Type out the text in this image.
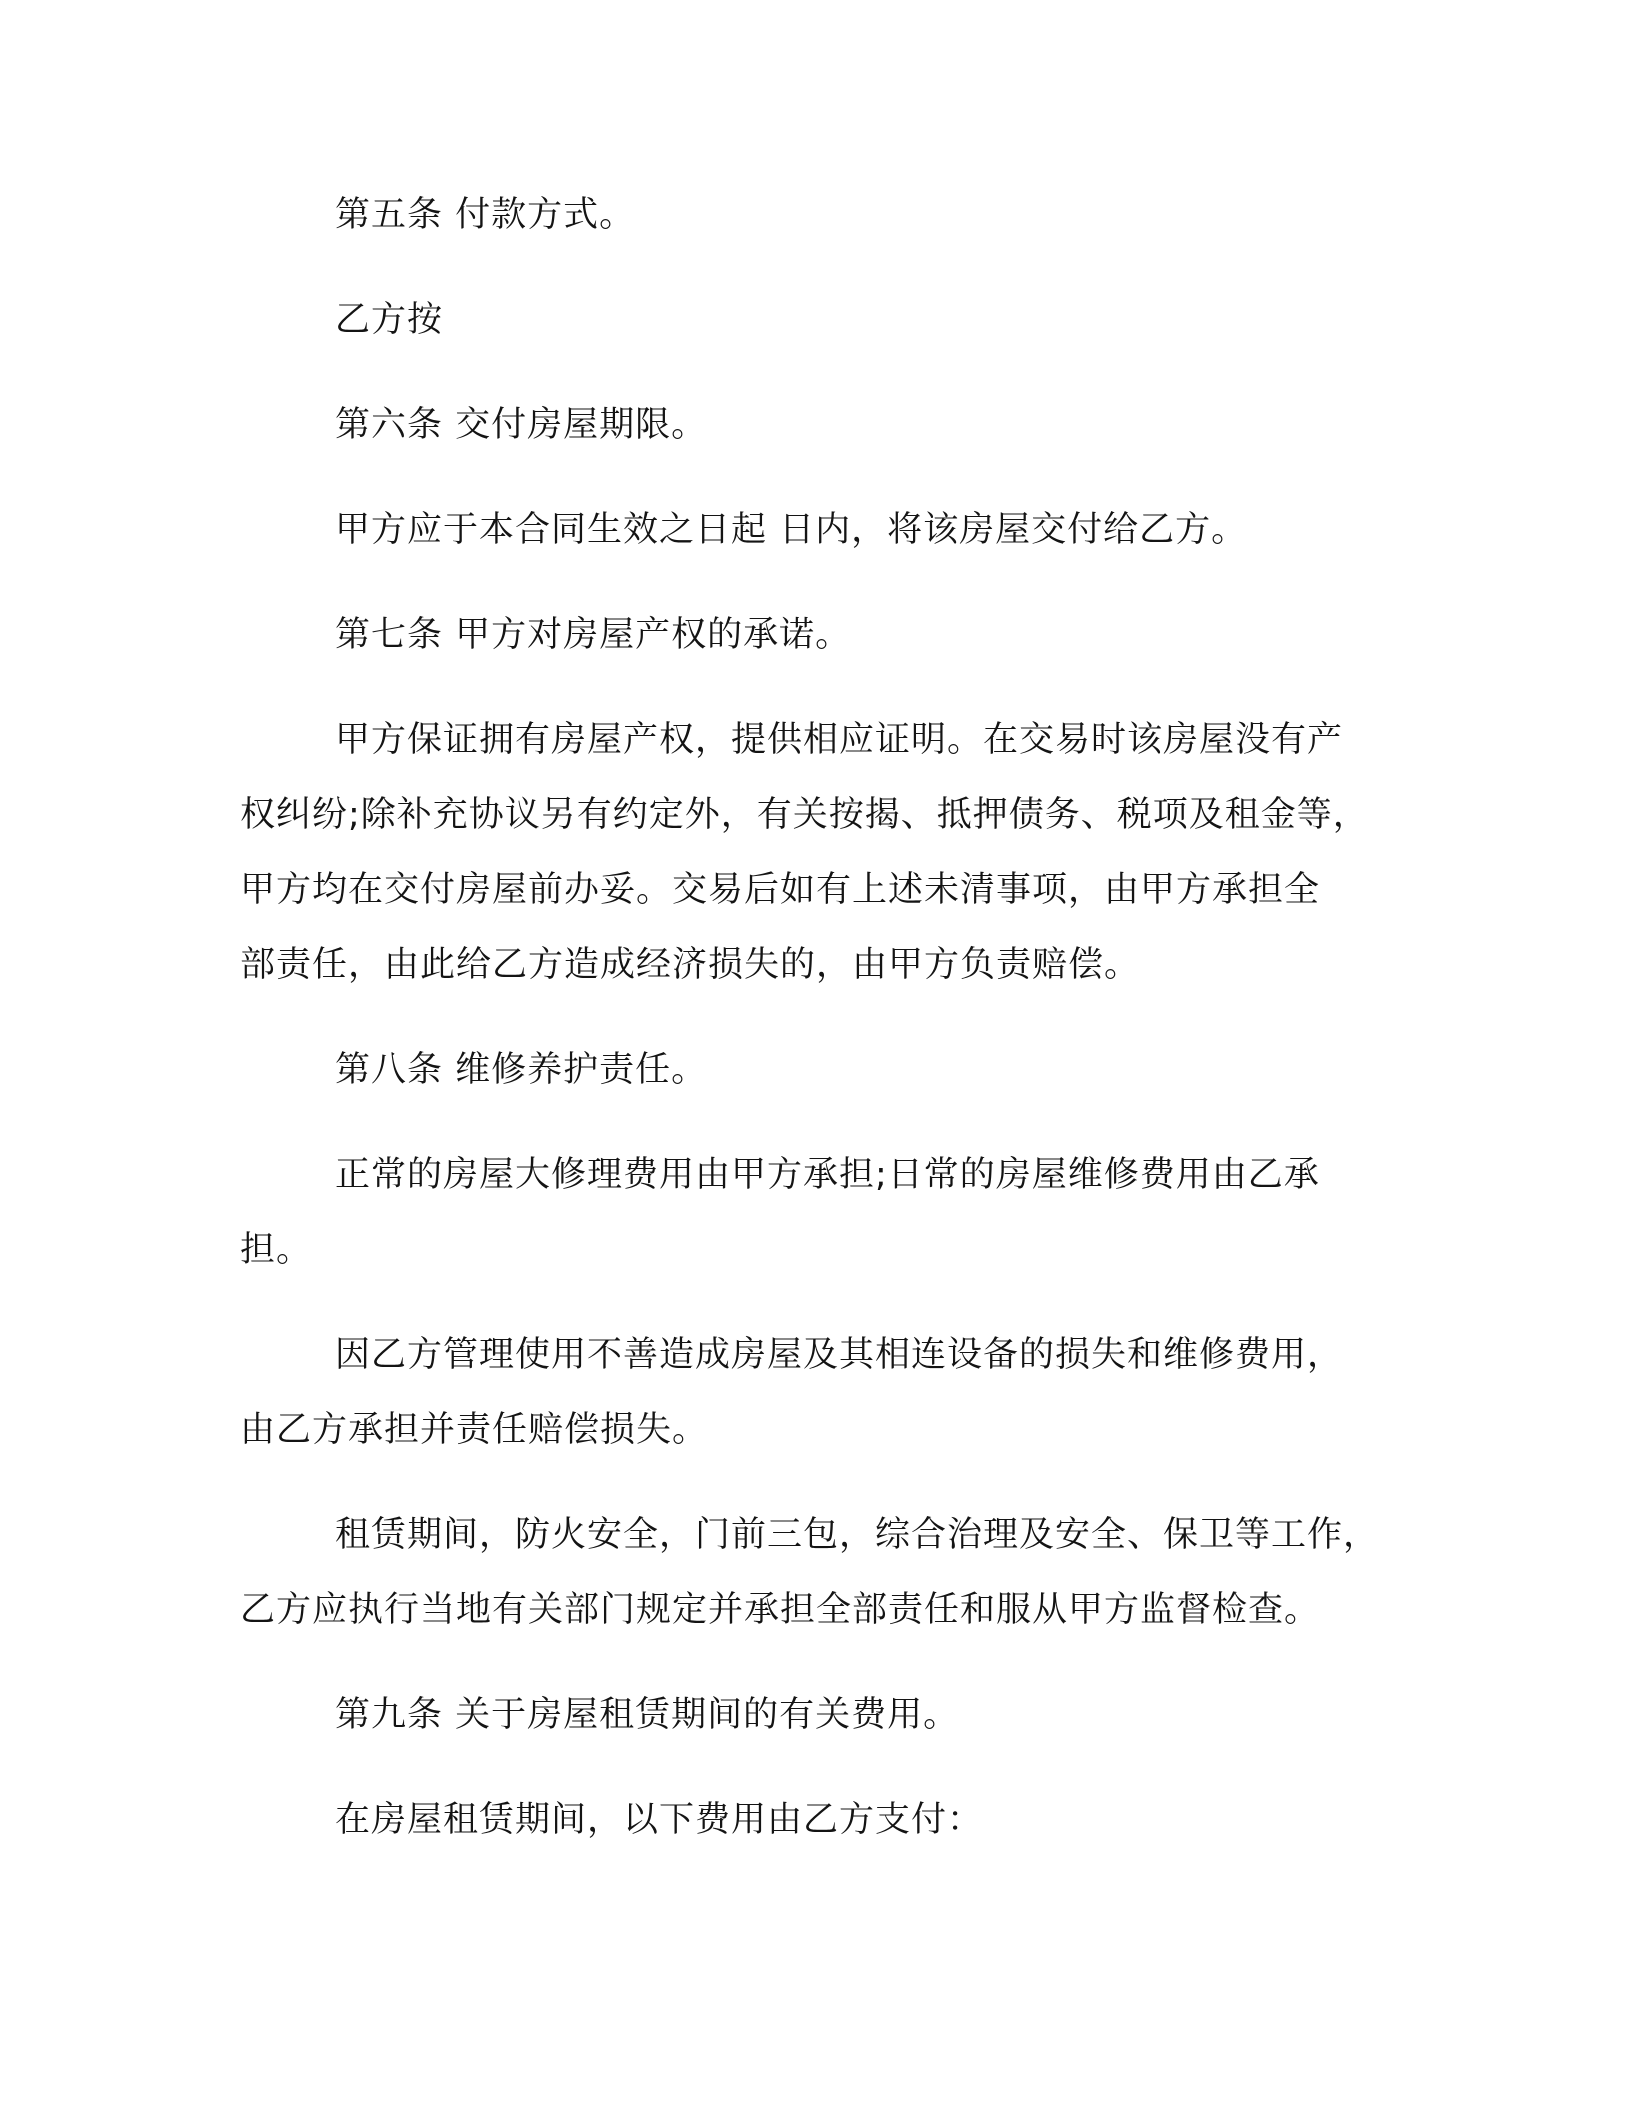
第五条 付款方式。
乙方按
第六条 交付房屋期限。
甲方应于本合同生效之日起 日内，将该房屋交付给乙方。
第七条 甲方对房屋产权的承诺。
甲方保证拥有房屋产权，提供相应证明。在交易时该房屋没有产
权纠纷;除补充协议另有约定外，有关按揭、抵押债务、税项及租金等，
甲方均在交付房屋前办妥。交易后如有上述未清事项，由甲方承担全
部责任，由此给乙方造成经济损失的，由甲方负责赔偿。
第八条 维修养护责任。
正常的房屋大修理费用由甲方承担;日常的房屋维修费用由乙承
担。
因乙方管理使用不善造成房屋及其相连设备的损失和维修费用，
由乙方承担并责任赔偿损失。
租赁期间，防火安全，门前三包，综合治理及安全、保卫等工作，
乙方应执行当地有关部门规定并承担全部责任和服从甲方监督检查。
第九条 关于房屋租赁期间的有关费用。
在房屋租赁期间，以下费用由乙方支付：
